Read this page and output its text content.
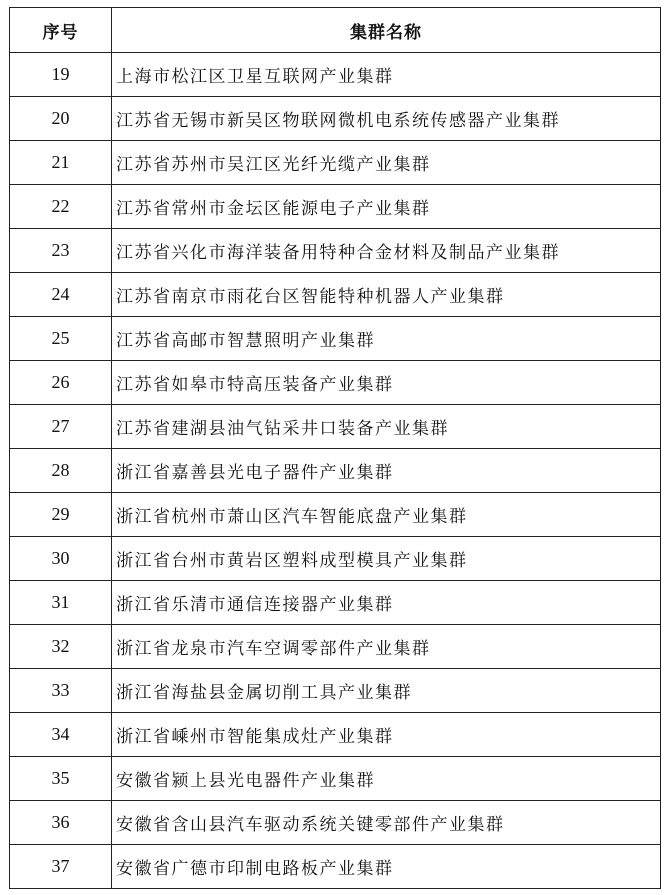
序号	集群名称
19	上海市松江区卫星互联网产业集群
20	江苏省无锡市新吴区物联网微机电系统传感器产业集群
21	江苏省苏州市吴江区光纤光缆产业集群
22	江苏省常州市金坛区能源电子产业集群
23	江苏省兴化市海洋装备用特种合金材料及制品产业集群
24	江苏省南京市雨花台区智能特种机器人产业集群
25	江苏省高邮市智慧照明产业集群
26	江苏省如皋市特高压装备产业集群
27	江苏省建湖县油气钻采井口装备产业集群
28	浙江省嘉善县光电子器件产业集群
29	浙江省杭州市萧山区汽车智能底盘产业集群
30	浙江省台州市黄岩区塑料成型模具产业集群
31	浙江省乐清市通信连接器产业集群
32	浙江省龙泉市汽车空调零部件产业集群
33	浙江省海盐县金属切削工具产业集群
34	浙江省嵊州市智能集成灶产业集群
35	安徽省颍上县光电器件产业集群
36	安徽省含山县汽车驱动系统关键零部件产业集群
37	安徽省广德市印制电路板产业集群
